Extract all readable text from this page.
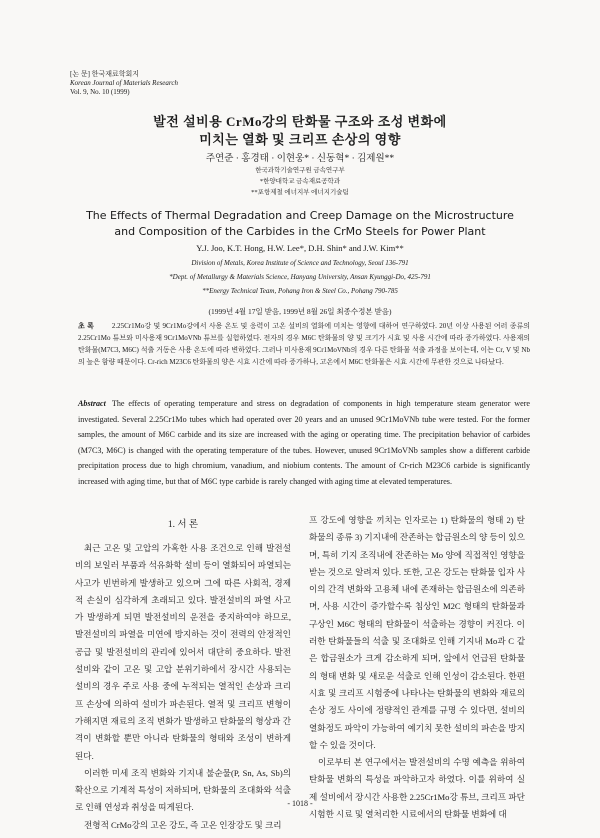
[논 문] 한국재료학회지
Korean Journal of Materials Research
Vol. 9, No. 10 (1999)
발전 설비용 CrMo강의 탄화물 구조와 조성 변화에
미치는 열화 및 크리프 손상의 영향
주연준 · 홍경태 · 이현웅* · 신동혁* · 김제원**
한국과학기술연구원 금속연구부
*한양대학교 금속재료공학과
**포항제철 에너지부 에너지기술팀
The Effects of Thermal Degradation and Creep Damage on the Microstructure
and Composition of the Carbides in the CrMo Steels for Power Plant
Y.J. Joo, K.T. Hong, H.W. Lee*, D.H. Shin* and J.W. Kim**
Division of Metals, Korea Institute of Science and Technology, Seoul 136-791
*Dept. of Metallurgy & Materials Science, Hanyang University, Ansan Kyunggi-Do, 425-791
**Energy Technical Team, Pohang Iron & Steel Co., Pohang 790-785
(1999년 4월 17일 받음, 1999년 8월 26일 최종수정본 받음)
초 록	2.25Cr1Mo강 및 9Cr1Mo강에서 사용 온도 및 응력이 고온 설비의 열화에 미치는 영향에 대하여 연구하였다. 20년 이상 사용된 여러 종류의 2.25Cr1Mo 튜브와 미사용재 9Cr1MoVNb 튜브를 실험하였다. 전자의 경우 M6C 탄화물의 양 및 크기가 시효 및 사용 시간에 따라 증가하였다. 사용재의 탄화물(M7C3, M6C) 석출 거동은 사용 온도에 따라 변하였다. 그러나 미사용재 9Cr1MoVNb의 경우 다른 탄화물 석출 과정을 보이는데, 이는 Cr, V 및 Nb의 높은 함량 때문이다. Cr-rich M23C6 탄화물의 양은 시효 시간에 따라 증가하나, 고온에서 M6C 탄화물은 시효 시간에 무관한 것으로 나타났다.
Abstract The effects of operating temperature and stress on degradation of components in high temperature steam generator were investigated. Several 2.25Cr1Mo tubes which had operated over 20 years and an unused 9Cr1MoVNb tube were tested. For the former samples, the amount of M6C carbide and its size are increased with the aging or operating time. The precipitation behavior of carbides (M7C3, M6C) is changed with the operating temperature of the tubes. However, unused 9Cr1MoVNb samples show a different carbide precipitation process due to high chromium, vanadium, and niobium contents. The amount of Cr-rich M23C6 carbide is significantly increased with aging time, but that of M6C type carbide is rarely changed with aging time at elevated temperatures.
1. 서 론

최근 고온 및 고압의 가혹한 사용 조건으로 인해 발전설비의 보일러 부품과 석유화학 설비 등이 열화되어 파열되는 사고가 빈번하게 발생하고 있으며 그에 따른 사회적, 경제적 손실이 심각하게 초래되고 있다. 발전설비의 파열 사고가 발생하게 되면 발전설비의 운전을 중지하여야 하므로, 발전설비의 파열을 미연에 방지하는 것이 전력의 안정적인 공급 및 발전설비의 관리에 있어서 대단히 중요하다. 발전설비와 같이 고온 및 고압 분위기하에서 장시간 사용되는 설비의 경우 주로 사용 중에 누적되는 열적인 손상과 크리프 손상에 의하여 설비가 파손된다. 열적 및 크리프 변형이 가해지면 재료의 조직 변화가 발생하고 탄화물의 형상과 간격이 변화할 뿐만 아니라 탄화물의 형태와 조성이 변하게 된다.

이러한 미세 조직 변화와 기지내 불순물(P, Sn, As, Sb)의 확산으로 기계적 특성이 저하되며, 탄화물의 조대화와 석출로 인해 연성과 취성을 띠게된다.

전형적 CrMo강의 고온 강도, 즉 고온 인장강도 및 크리

프 강도에 영향을 끼치는 인자로는 1) 탄화물의 형태 2) 탄화물의 종류 3) 기지내에 잔존하는 합금원소의 양 등이 있으며, 특히 기지 조직내에 잔존하는 Mo 양에 직접적인 영향을 받는 것으로 알려져 있다. 또한, 고온 강도는 탄화물 입자 사이의 간격 변화와 고용체 내에 존재하는 합금원소에 의존하며, 사용 시간이 증가할수록 침상인 M2C 형태의 탄화물과 구상인 M6C 형태의 탄화물이 석출하는 경향이 커진다. 이러한 탄화물들의 석출 및 조대화로 인해 기지내 Mo과 C 같은 합금원소가 크게 감소하게 되며, 앞에서 언급된 탄화물의 형태 변화 및 새로운 석출로 인해 인성이 감소된다. 한편 시효 및 크리프 시험중에 나타나는 탄화물의 변화와 재료의 손상 정도 사이에 정량적인 관계를 규명 수 있다면, 설비의 열화정도 파악이 가능하여 예기치 못한 설비의 파손을 방지할 수 있을 것이다.

이로부터 본 연구에서는 발전설비의 수명 예측을 위하여 탄화물 변화의 특성을 파악하고자 하였다. 이를 위하여 실제 설비에서 장시간 사용한 2.25Cr1Mo강 튜브, 크리프 파단 시험한 시료 및 열처리한 시료에서의 탄화물 변화에 대

- 1018 -
